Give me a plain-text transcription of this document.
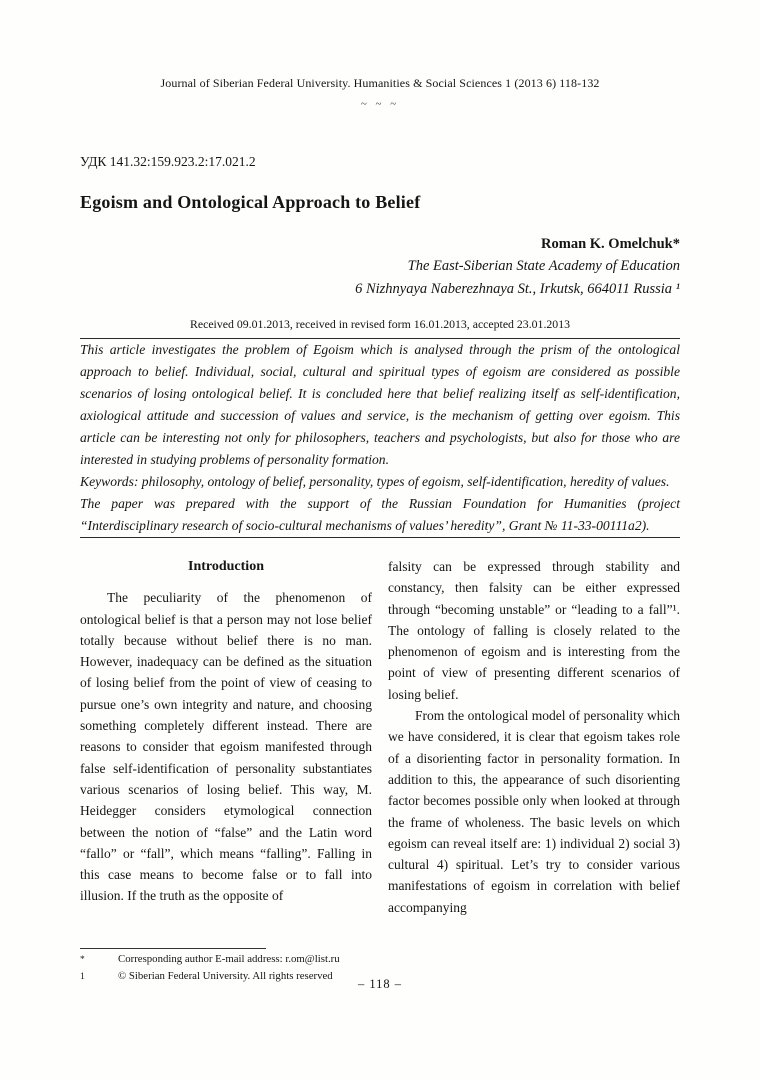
Journal of Siberian Federal University. Humanities & Social Sciences 1 (2013 6) 118-132
~ ~ ~
УДК 141.32:159.923.2:17.021.2
Egoism and Ontological Approach to Belief
Roman K. Omelchuk*
The East-Siberian State Academy of Education
6 Nizhnyaya Naberezhnaya St., Irkutsk, 664011 Russia ¹
Received 09.01.2013, received in revised form 16.01.2013, accepted 23.01.2013

This article investigates the problem of Egoism which is analysed through the prism of the ontological approach to belief. Individual, social, cultural and spiritual types of egoism are considered as possible scenarios of losing ontological belief. It is concluded here that belief realizing itself as self-identification, axiological attitude and succession of values and service, is the mechanism of getting over egoism. This article can be interesting not only for philosophers, teachers and psychologists, but also for those who are interested in studying problems of personality formation.

Keywords: philosophy, ontology of belief, personality, types of egoism, self-identification, heredity of values.

The paper was prepared with the support of the Russian Foundation for Humanities (project “Interdisciplinary research of socio-cultural mechanisms of values’ heredity”, Grant № 11-33-00111a2).

Introduction

The peculiarity of the phenomenon of ontological belief is that a person may not lose belief totally because without belief there is no man. However, inadequacy can be defined as the situation of losing belief from the point of view of ceasing to pursue one’s own integrity and nature, and choosing something completely different instead. There are reasons to consider that egoism manifested through false self-identification of personality substantiates various scenarios of losing belief. This way, M. Heidegger considers etymological connection between the notion of “false” and the Latin word “fallo” or “fall”, which means “falling”. Falling in this case means to become false or to fall into illusion. If the truth as the opposite of

falsity can be expressed through stability and constancy, then falsity can be either expressed through “becoming unstable” or “leading to a fall”¹. The ontology of falling is closely related to the phenomenon of egoism and is interesting from the point of view of presenting different scenarios of losing belief.

From the ontological model of personality which we have considered, it is clear that egoism takes role of a disorienting factor in personality formation. In addition to this, the appearance of such disorienting factor becomes possible only when looked at through the frame of wholeness. The basic levels on which egoism can reveal itself are: 1) individual 2) social 3) cultural 4) spiritual. Let’s try to consider various manifestations of egoism in correlation with belief accompanying

*	Corresponding author E-mail address: r.om@list.ru
1	© Siberian Federal University. All rights reserved
– 118 –
